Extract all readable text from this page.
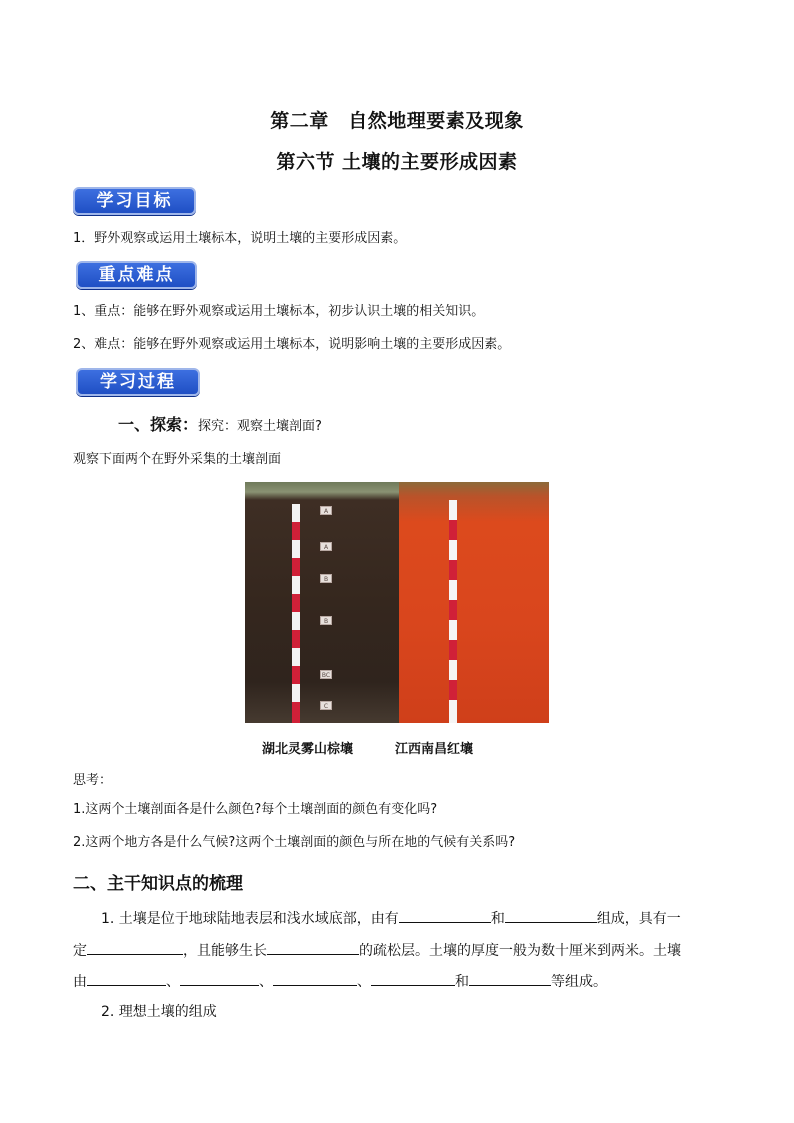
第二章　自然地理要素及现象
第六节 土壤的主要形成因素
学习目标
1．野外观察或运用土壤标本，说明土壤的主要形成因素。
重点难点
1、重点：能够在野外观察或运用土壤标本，初步认识土壤的相关知识。
2、难点：能够在野外观察或运用土壤标本，说明影响土壤的主要形成因素。
学习过程
一、探索：探究：观察土壤剖面?
观察下面两个在野外采集的土壤剖面
A
A
B
B
BC
C
湖北灵雾山棕壤	江西南昌红壤
思考：
1.这两个土壤剖面各是什么颜色?每个土壤剖面的颜色有变化吗?
2.这两个地方各是什么气候?这两个土壤剖面的颜色与所在地的气候有关系吗?
二、主干知识点的梳理
1. 土壤是位于地球陆地表层和浅水域底部，由有	和	组成，具有一
定	，且能够生长	的疏松层。土壤的厚度一般为数十厘米到两米。土壤
由	、	、	、	和	等组成。
2. 理想土壤的组成
